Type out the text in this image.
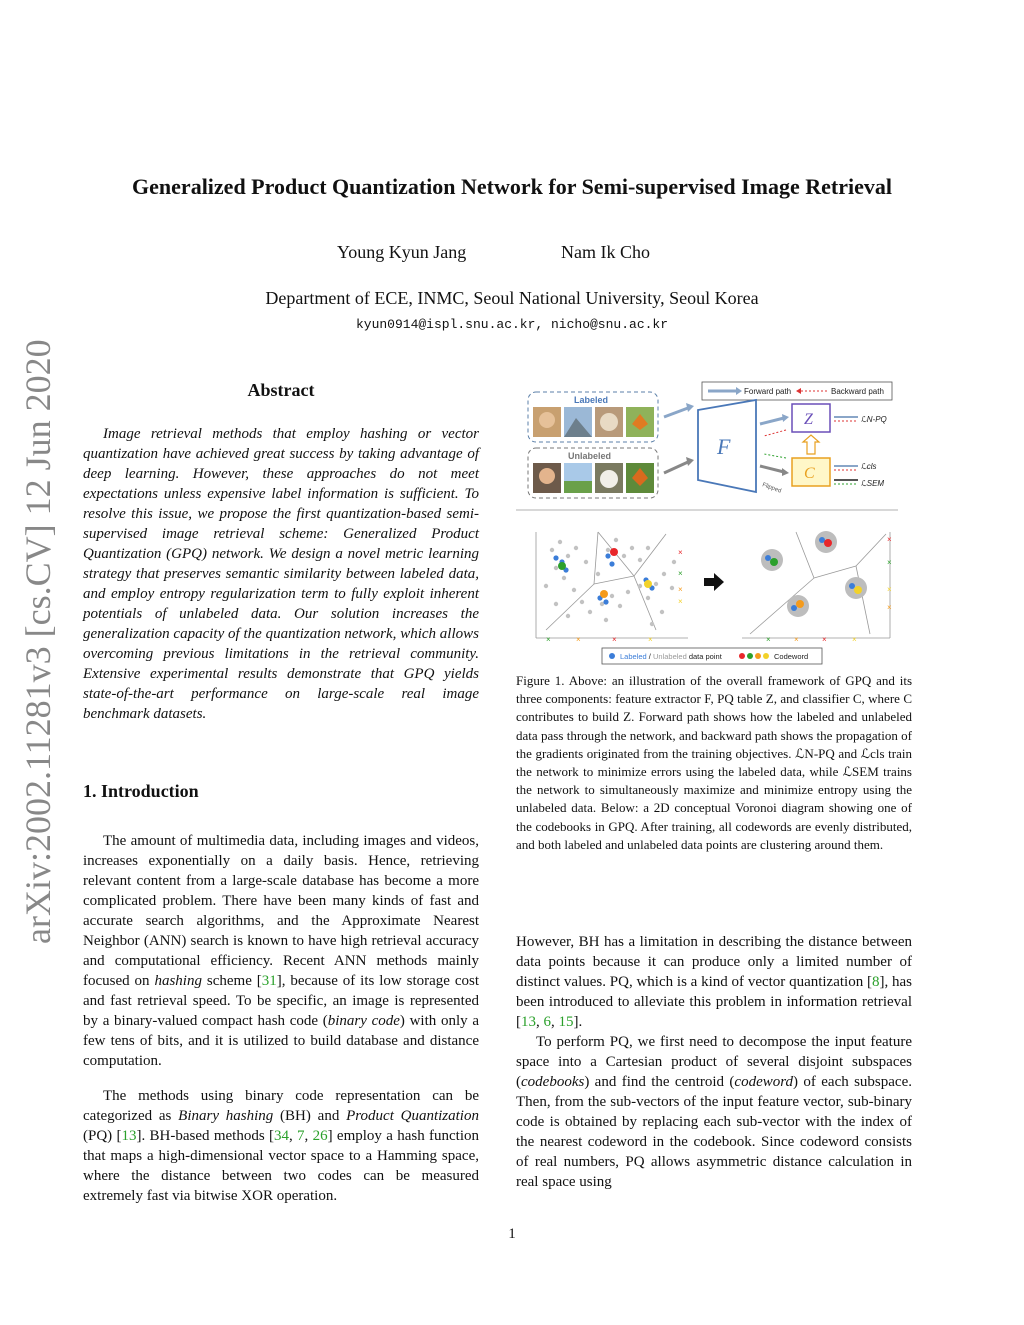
arXiv:2002.11281v3 [cs.CV] 12 Jun 2020
Generalized Product Quantization Network for Semi-supervised Image Retrieval
Young Kyun Jang	Nam Ik Cho
Department of ECE, INMC, Seoul National University, Seoul Korea
kyun0914@ispl.snu.ac.kr, nicho@snu.ac.kr
Abstract

Image retrieval methods that employ hashing or vector quantization have achieved great success by taking advantage of deep learning. However, these approaches do not meet expectations unless expensive label information is sufficient. To resolve this issue, we propose the first quantization-based semi-supervised image retrieval scheme: Generalized Product Quantization (GPQ) network. We design a novel metric learning strategy that preserves semantic similarity between labeled data, and employ entropy regularization term to fully exploit inherent potentials of unlabeled data. Our solution increases the generalization capacity of the quantization network, which allows overcoming previous limitations in the retrieval community. Extensive experimental results demonstrate that GPQ yields state-of-the-art performance on large-scale real image benchmark datasets.

1. Introduction

The amount of multimedia data, including images and videos, increases exponentially on a daily basis. Hence, retrieving relevant content from a large-scale database has become a more complicated problem. There have been many kinds of fast and accurate search algorithms, and the Approximate Nearest Neighbor (ANN) search is known to have high retrieval accuracy and computational efficiency. Recent ANN methods mainly focused on hashing scheme [31], because of its low storage cost and fast retrieval speed. To be specific, an image is represented by a binary-valued compact hash code (binary code) with only a few tens of bits, and it is utilized to build database and distance computation.

The methods using binary code representation can be categorized as Binary hashing (BH) and Product Quantization (PQ) [13]. BH-based methods [34, 7, 26] employ a hash function that maps a high-dimensional vector space to a Hamming space, where the distance between two codes can be measured extremely fast via bitwise XOR operation.

Forward path	Backward path
Labeled
Unlabeled	F
Z
C
Flipped
ℒN-PQ
ℒcls
ℒSEM
×
×
×
×
×	×	×	×
×
×
×
×
×	×	×	×
Labeled / Unlabeled data point	Codeword

Figure 1. Above: an illustration of the overall framework of GPQ and its three components: feature extractor F, PQ table Z, and classifier C, where C contributes to build Z. Forward path shows how the labeled and unlabeled data pass through the network, and backward path shows the propagation of the gradients originated from the training objectives. ℒN-PQ and ℒcls train the network to minimize errors using the labeled data, while ℒSEM trains the network to simultaneously maximize and minimize entropy using the unlabeled data. Below: a 2D conceptual Voronoi diagram showing one of the codebooks in GPQ. After training, all codewords are evenly distributed, and both labeled and unlabeled data points are clustering around them.

However, BH has a limitation in describing the distance between data points because it can produce only a limited number of distinct values. PQ, which is a kind of vector quantization [8], has been introduced to alleviate this problem in information retrieval [13, 6, 15].

To perform PQ, we first need to decompose the input feature space into a Cartesian product of several disjoint subspaces (codebooks) and find the centroid (codeword) of each subspace. Then, from the sub-vectors of the input feature vector, sub-binary code is obtained by replacing each sub-vector with the index of the nearest codeword in the codebook. Since codeword consists of real numbers, PQ allows asymmetric distance calculation in real space using

1
